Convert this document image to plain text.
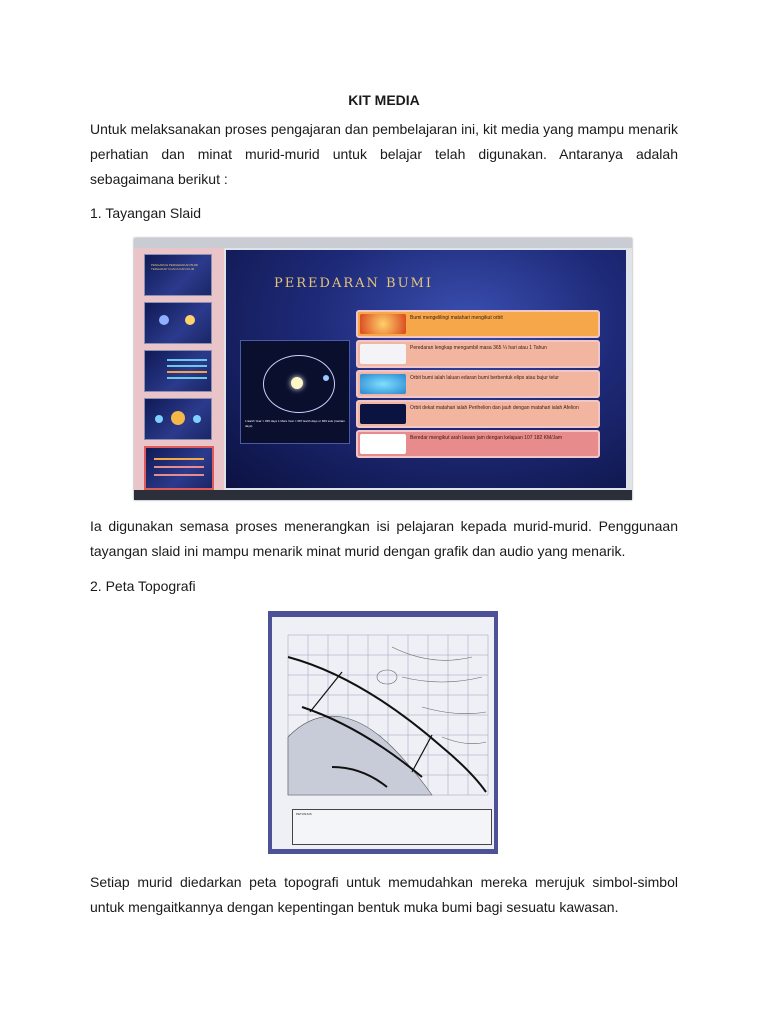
KIT MEDIA
Untuk melaksanakan proses pengajaran dan pembelajaran ini, kit media yang mampu menarik perhatian dan minat murid-murid untuk belajar telah digunakan. Antaranya adalah sebagaimana berikut :
1. Tayangan Slaid
PENGARUH PERGERAKAN BUMI TERHADAP CUACA DAN IKLIM
PEREDARAN BUMI
1 Earth Year = 365 days 1 Mars Year = 687 Earth days or 669 sols (martian days)
Bumi mengelilingi matahari mengikut orbit
Peredaran lengkap mengambil masa 365 ¼ hari atau 1 Tahun
Orbit bumi ialah laluan edaran bumi berbentuk elips atau bujur telur
Orbit dekat matahari ialah Perihelion dan jauh dengan matahari ialah Afelion
Beredar mengikut arah lawan jam dengan kelajuan 107 182 KM/Jam
Ia digunakan semasa proses menerangkan isi pelajaran kepada murid-murid. Penggunaan tayangan slaid ini mampu menarik minat murid dengan grafik dan audio yang menarik.
2. Peta Topografi
PETUNJUK
Setiap murid diedarkan peta topografi untuk memudahkan mereka merujuk simbol-simbol untuk mengaitkannya dengan kepentingan bentuk muka bumi bagi sesuatu kawasan.
